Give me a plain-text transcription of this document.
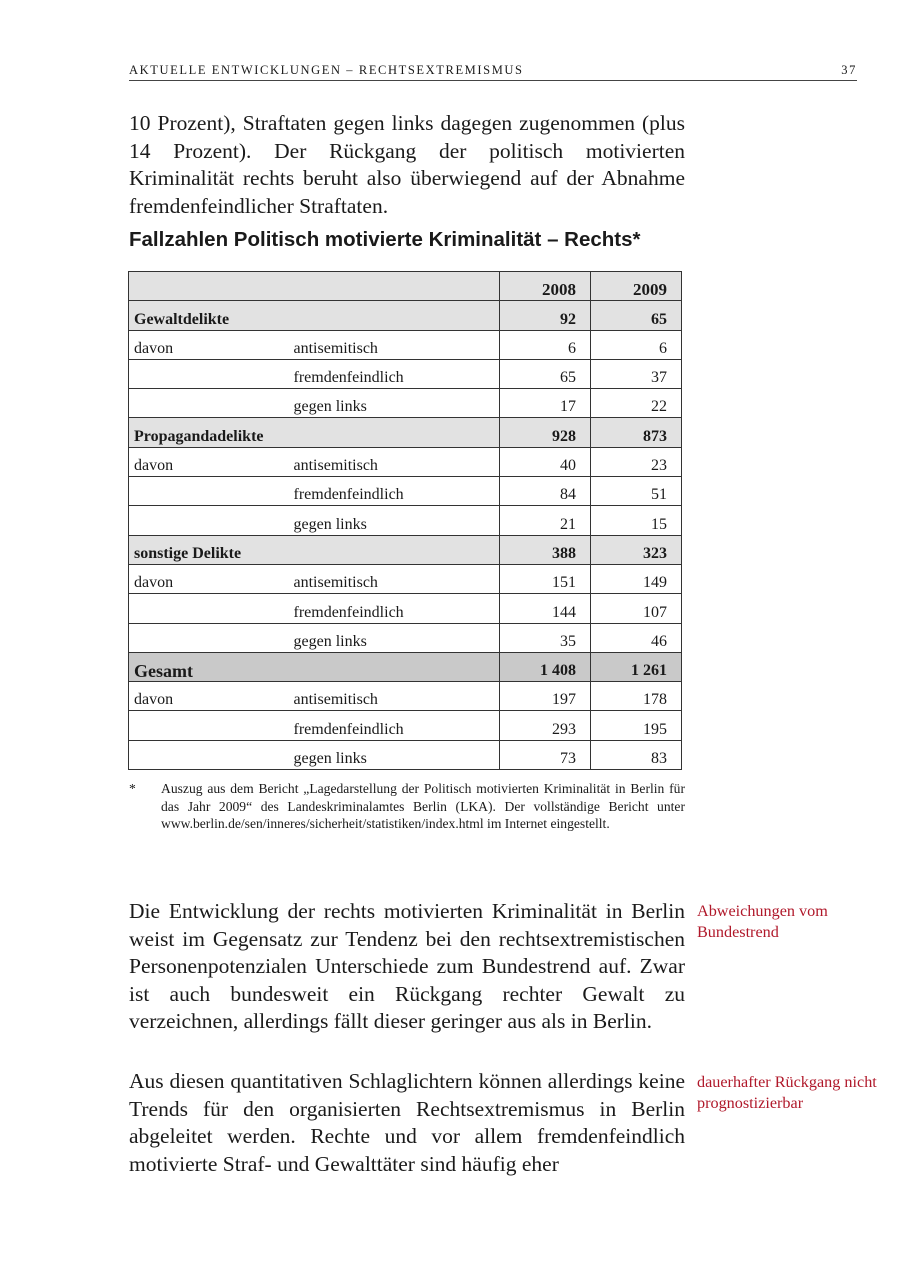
AKTUELLE ENTWICKLUNGEN – RECHTSEXTREMISMUS	37

10 Prozent), Straftaten gegen links dagegen zugenommen (plus 14 Prozent). Der Rückgang der politisch motivierten Kriminalität rechts beruht also überwiegend auf der Abnahme fremdenfeindlicher Straftaten.

Fallzahlen Politisch motivierte Kriminalität – Rechts*
		2008	2009
Gewaltdelikte		92	65
davon	antisemitisch	6	6
	fremdenfeindlich	65	37
	gegen links	17	22
Propagandadelikte		928	873
davon	antisemitisch	40	23
	fremdenfeindlich	84	51
	gegen links	21	15
sonstige Delikte		388	323
davon	antisemitisch	151	149
	fremdenfeindlich	144	107
	gegen links	35	46
Gesamt		1 408	1 261
davon	antisemitisch	197	178
	fremdenfeindlich	293	195
	gegen links	73	83
* Auszug aus dem Bericht „Lagedarstellung der Politisch motivierten Kriminalität in Berlin für das Jahr 2009“ des Landeskriminalamtes Berlin (LKA). Der vollständige Bericht unter www.berlin.de/sen/inneres/sicherheit/statistiken/index.html im Internet eingestellt.

Die Entwicklung der rechts motivierten Kriminalität in Berlin weist im Gegensatz zur Tendenz bei den rechtsextremistischen Personenpotenzialen Unterschiede zum Bundestrend auf. Zwar ist auch bundesweit ein Rückgang rechter Gewalt zu verzeichnen, allerdings fällt dieser geringer aus als in Berlin.

Abweichungen vom Bundestrend

Aus diesen quantitativen Schlaglichtern können allerdings keine Trends für den organisierten Rechtsextremismus in Berlin abgeleitet werden. Rechte und vor allem fremdenfeindlich motivierte Straf- und Gewalttäter sind häufig eher

dauerhafter Rückgang nicht prognostizierbar
